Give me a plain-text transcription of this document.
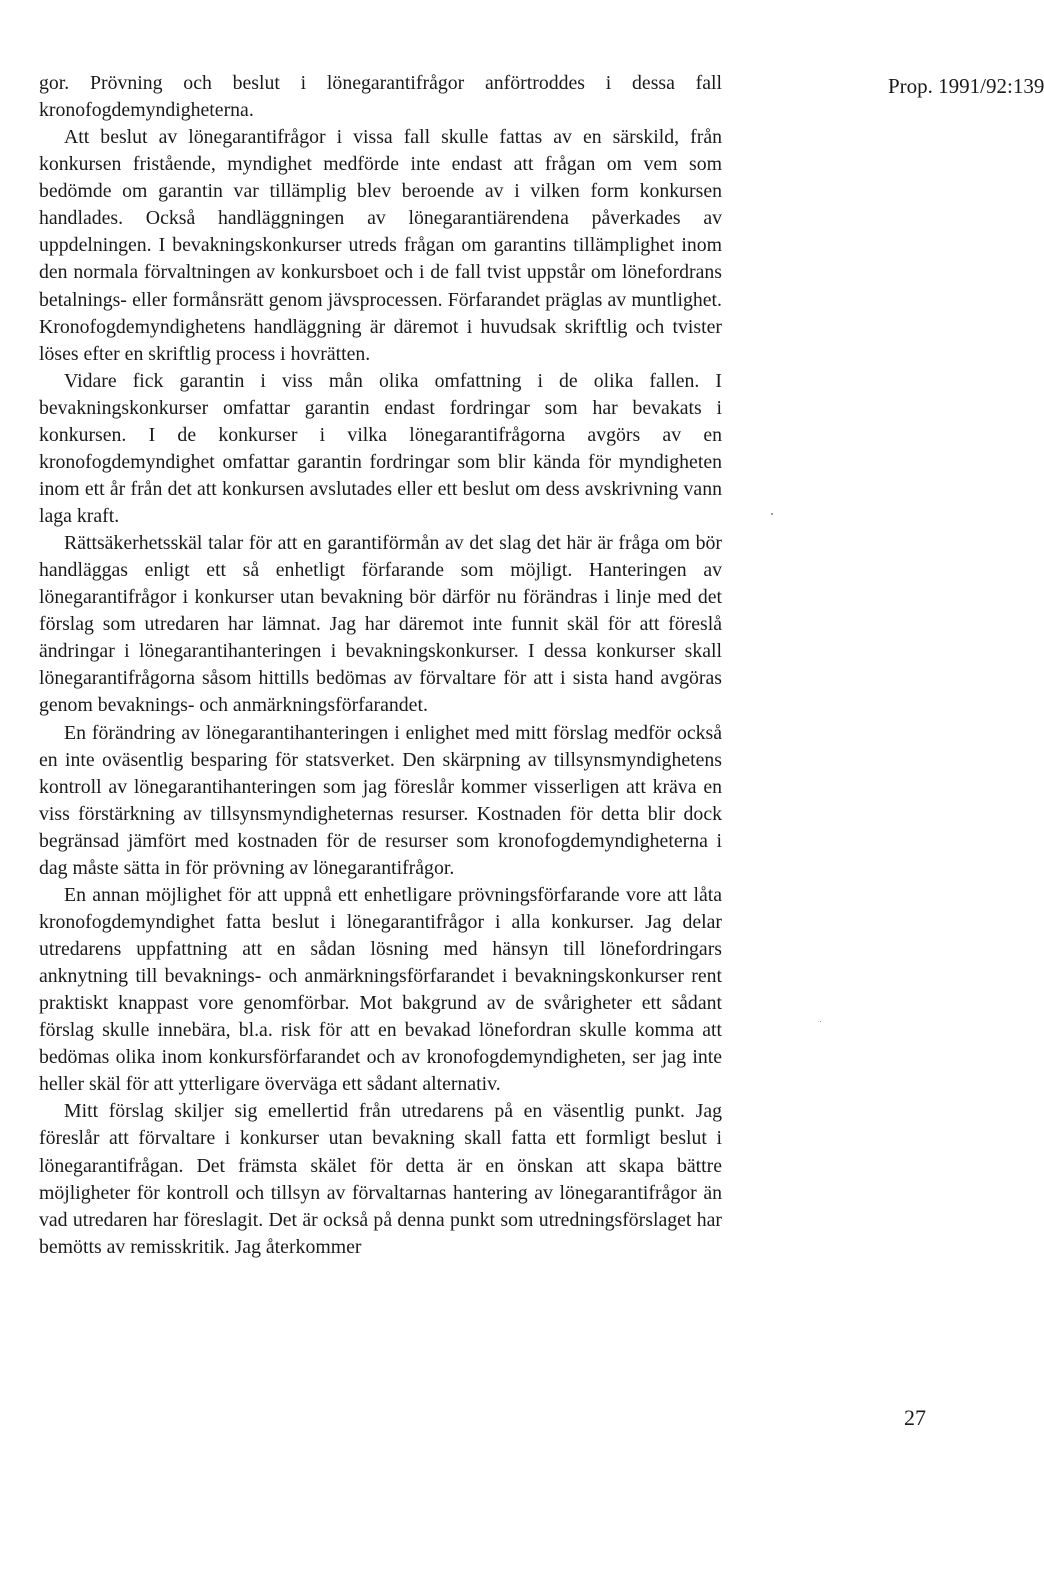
Prop. 1991/92:139

gor. Prövning och beslut i lönegarantifrågor anförtroddes i dessa fall kronofogdemyndigheterna.

Att beslut av lönegarantifrågor i vissa fall skulle fattas av en särskild, från konkursen fristående, myndighet medförde inte endast att frågan om vem som bedömde om garantin var tillämplig blev beroende av i vilken form konkursen handlades. Också handläggningen av lönegarantiärendena påverkades av uppdelningen. I bevakningskonkurser utreds frågan om garantins tillämplighet inom den normala förvaltningen av konkursboet och i de fall tvist uppstår om lönefordrans betalnings- eller formånsrätt genom jävsprocessen. Förfarandet präglas av muntlighet. Kronofogdemyndighetens handläggning är däremot i huvudsak skriftlig och tvister löses efter en skriftlig process i hovrätten.

Vidare fick garantin i viss mån olika omfattning i de olika fallen. I bevakningskonkurser omfattar garantin endast fordringar som har bevakats i konkursen. I de konkurser i vilka lönegarantifrågorna avgörs av en kronofogdemyndighet omfattar garantin fordringar som blir kända för myndigheten inom ett år från det att konkursen avslutades eller ett beslut om dess avskrivning vann laga kraft.

Rättsäkerhetsskäl talar för att en garantiförmån av det slag det här är fråga om bör handläggas enligt ett så enhetligt förfarande som möjligt. Hanteringen av lönegarantifrågor i konkurser utan bevakning bör därför nu förändras i linje med det förslag som utredaren har lämnat. Jag har däremot inte funnit skäl för att föreslå ändringar i lönegarantihanteringen i bevakningskonkurser. I dessa konkurser skall lönegarantifrågorna såsom hittills bedömas av förvaltare för att i sista hand avgöras genom bevaknings- och anmärkningsförfarandet.

En förändring av lönegarantihanteringen i enlighet med mitt förslag medför också en inte oväsentlig besparing för statsverket. Den skärpning av tillsynsmyndighetens kontroll av lönegarantihanteringen som jag föreslår kommer visserligen att kräva en viss förstärkning av tillsynsmyndigheternas resurser. Kostnaden för detta blir dock begränsad jämfört med kostnaden för de resurser som kronofogdemyndigheterna i dag måste sätta in för prövning av lönegarantifrågor.

En annan möjlighet för att uppnå ett enhetligare prövningsförfarande vore att låta kronofogdemyndighet fatta beslut i lönegarantifrågor i alla konkurser. Jag delar utredarens uppfattning att en sådan lösning med hänsyn till lönefordringars anknytning till bevaknings- och anmärkningsförfarandet i bevakningskonkurser rent praktiskt knappast vore genomförbar. Mot bakgrund av de svårigheter ett sådant förslag skulle innebära, bl.a. risk för att en bevakad lönefordran skulle komma att bedömas olika inom konkursförfarandet och av kronofogdemyndigheten, ser jag inte heller skäl för att ytterligare överväga ett sådant alternativ.

Mitt förslag skiljer sig emellertid från utredarens på en väsentlig punkt. Jag föreslår att förvaltare i konkurser utan bevakning skall fatta ett formligt beslut i lönegarantifrågan. Det främsta skälet för detta är en önskan att skapa bättre möjligheter för kontroll och tillsyn av förvaltarnas hantering av lönegarantifrågor än vad utredaren har föreslagit. Det är också på denna punkt som utredningsförslaget har bemötts av remisskritik. Jag återkommer

27
